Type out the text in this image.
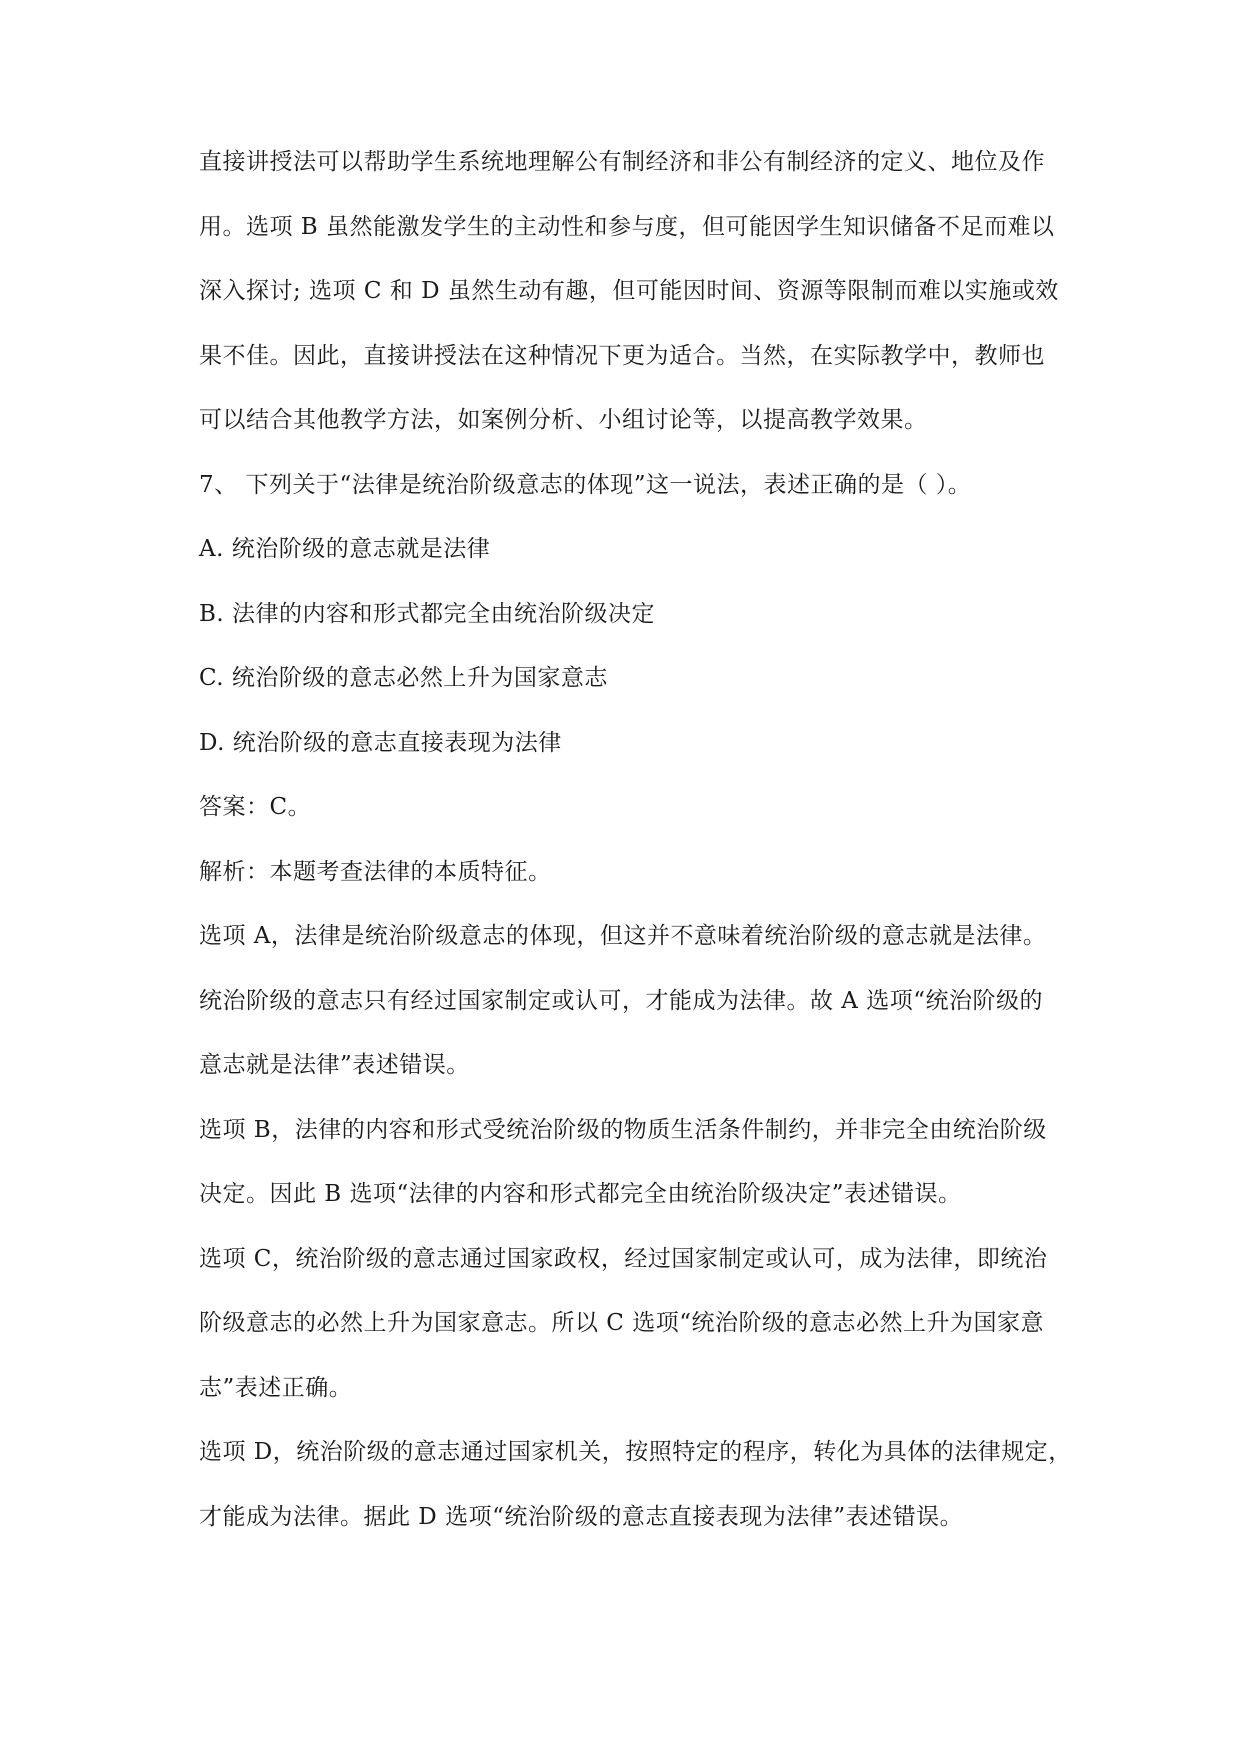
直接讲授法可以帮助学生系统地理解公有制经济和非公有制经济的定义、地位及作
用。选项 B 虽然能激发学生的主动性和参与度，但可能因学生知识储备不足而难以
深入探讨; 选项 C 和 D 虽然生动有趣，但可能因时间、资源等限制而难以实施或效
果不佳。因此，直接讲授法在这种情况下更为适合。当然，在实际教学中，教师也
可以结合其他教学方法，如案例分析、小组讨论等，以提高教学效果。
7、 下列关于“法律是统治阶级意志的体现”这一说法，表述正确的是（ ）。
A. 统治阶级的意志就是法律
B. 法律的内容和形式都完全由统治阶级决定
C. 统治阶级的意志必然上升为国家意志
D. 统治阶级的意志直接表现为法律
答案：C。
解析：本题考查法律的本质特征。
选项 A，法律是统治阶级意志的体现，但这并不意味着统治阶级的意志就是法律。
统治阶级的意志只有经过国家制定或认可，才能成为法律。故 A 选项“统治阶级的
意志就是法律”表述错误。
选项 B，法律的内容和形式受统治阶级的物质生活条件制约，并非完全由统治阶级
决定。因此 B 选项“法律的内容和形式都完全由统治阶级决定”表述错误。
选项 C，统治阶级的意志通过国家政权，经过国家制定或认可，成为法律，即统治
阶级意志的必然上升为国家意志。所以 C 选项“统治阶级的意志必然上升为国家意
志”表述正确。
选项 D，统治阶级的意志通过国家机关，按照特定的程序，转化为具体的法律规定，
才能成为法律。据此 D 选项“统治阶级的意志直接表现为法律”表述错误。
